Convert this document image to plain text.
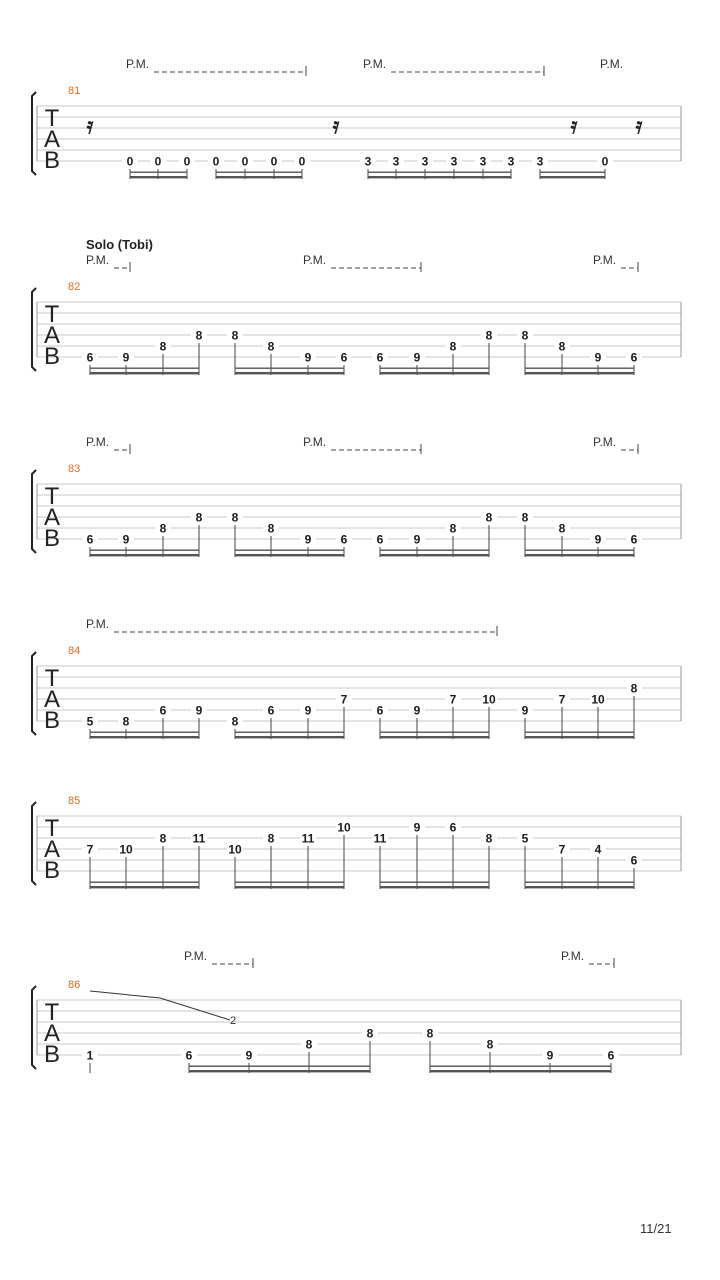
T
A
B
81
P.M.	P.M.	P.M.
𝄿	𝄿	𝄿	𝄿
0 0 0 0 0 0 0	3 3 3 3 3 3 3	0
T
A
B
82
Solo (Tobi)
P.M.	P.M.	P.M.
6 9
8
8 8
8
9 6 6	9
8
8 8
8
9 6
T
A
B
83
P.M.	P.M.	P.M.
6 9
8
8 8
8
9 6 6	9
8
8 8
8
9 6
T
A
B
84
P.M.
5 8
6 9
8
6	9
7
6	9
7 10
9
7 10
8
T
A
B
85
7 10
8 11
10
8 11
10
11
9 6
8 5
7 4
6
T
A
B
86
P.M.	P.M.
1	6	9
8
8	8
8
9	6
2
11/21
